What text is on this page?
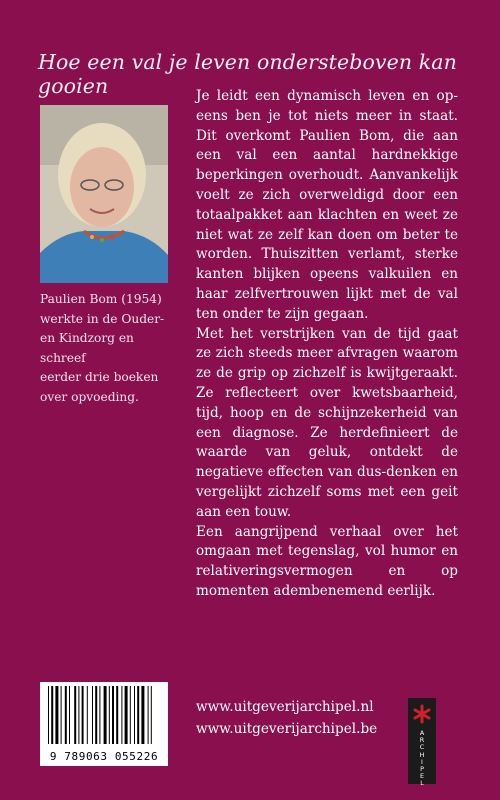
Hoe een val je leven ondersteboven kan gooien
Paulien Bom (1954)
werkte in de Ouder-
en Kindzorg en schreef
eerder drie boeken
over opvoeding.

Je leidt een dynamisch leven en op-eens ben je tot niets meer in staat. Dit overkomt Paulien Bom, die aan een val een aantal hardnekkige beperkingen overhoudt. Aanvankelijk voelt ze zich overweldigd door een totaalpakket aan klachten en weet ze niet wat ze zelf kan doen om beter te worden. Thuiszitten verlamt, sterke kanten blijken opeens valkuilen en haar zelfvertrouwen lijkt met de val ten onder te zijn gegaan.

Met het verstrijken van de tijd gaat ze zich steeds meer afvragen waarom ze de grip op zichzelf is kwijtgeraakt. Ze reflecteert over kwetsbaarheid, tijd, hoop en de schijnzekerheid van een diagnose. Ze herdefinieert de waarde van geluk, ontdekt de negatieve effecten van dus-denken en vergelijkt zichzelf soms met een geit aan een touw.

Een aangrijpend verhaal over het omgaan met tegenslag, vol humor en relativeringsvermogen en op momenten adembenemend eerlijk.

9 789063 055226
www.uitgeverijarchipel.nl
www.uitgeverijarchipel.be	A
R
C
H
I
P
E
L
